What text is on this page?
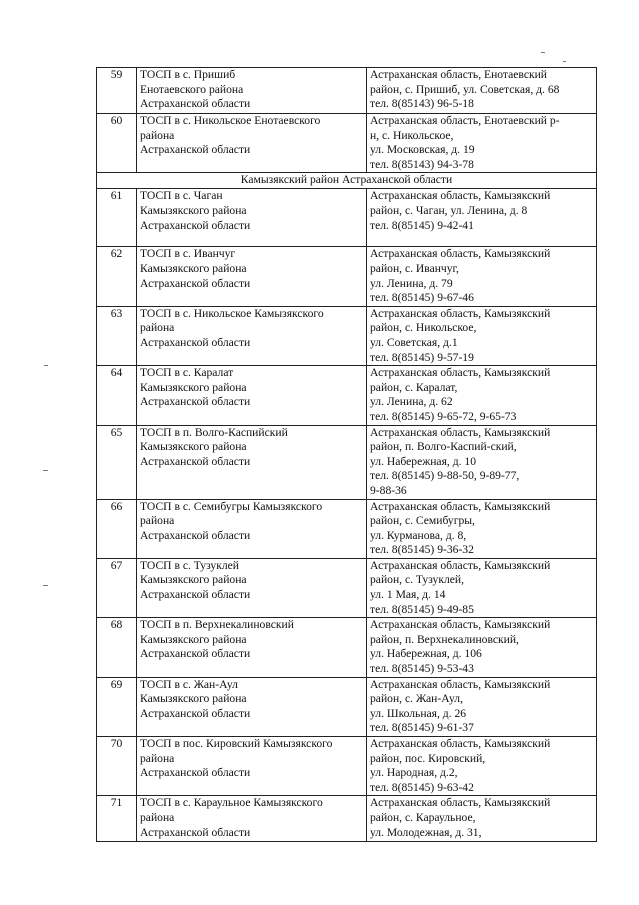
59	ТОСП в с. Пришиб
Енотаевского района
Астраханской области	Астраханская область, Енотаевский
район, с. Пришиб, ул. Советская, д. 68
тел. 8(85143) 96-5-18

60	ТОСП в с. Никольское Енотаевского
района
Астраханской области	Астраханская область, Енотаевский р-
н, с. Никольское,
ул. Московская, д. 19
тел. 8(85143) 94-3-78

Камызякский район Астраханской области		
61	ТОСП в с. Чаган
Камызякского района
Астраханской области	Астраханская область, Камызякский
район, с. Чаган, ул. Ленина, д. 8
тел. 8(85145) 9-42-41

62	ТОСП в с. Иванчуг
Камызякского района
Астраханской области	Астраханская область, Камызякский
район, с. Иванчуг,
ул. Ленина, д. 79
тел. 8(85145) 9-67-46

63	ТОСП в с. Никольское Камызякского
района
Астраханской области	Астраханская область, Камызякский
район, с. Никольское,
ул. Советская, д.1
тел. 8(85145) 9-57-19

64	ТОСП в с. Каралат
Камызякского района
Астраханской области	Астраханская область, Камызякский
район, с. Каралат,
ул. Ленина, д. 62
тел. 8(85145) 9-65-72, 9-65-73

65	ТОСП в п. Волго-Каспийский
Камызякского района
Астраханской области	Астраханская область, Камызякский
район, п. Волго-Каспий-ский,
ул. Набережная, д. 10
тел. 8(85145) 9-88-50, 9-89-77,
9-88-36

66	ТОСП в с. Семибугры Камызякского
района
Астраханской области	Астраханская область, Камызякский
район, с. Семибугры,
ул. Курманова, д. 8,
тел. 8(85145) 9-36-32

67	ТОСП в с. Тузуклей
Камызякского района
Астраханской области	Астраханская область, Камызякский
район, с. Тузуклей,
ул. 1 Мая, д. 14
тел. 8(85145) 9-49-85

68	ТОСП в п. Верхнекалиновский
Камызякского района
Астраханской области	Астраханская область, Камызякский
район, п. Верхнекалиновский,
ул. Набережная, д. 106
тел. 8(85145) 9-53-43

69	ТОСП в с. Жан-Аул
Камызякского района
Астраханской области	Астраханская область, Камызякский
район, с. Жан-Аул,
ул. Школьная, д. 26
тел. 8(85145) 9-61-37

70	ТОСП в пос. Кировский Камызякского
района
Астраханской области	Астраханская область, Камызякский
район, пос. Кировский,
ул. Народная, д.2,
тел. 8(85145) 9-63-42

71	ТОСП в с. Караульное Камызякского
района
Астраханской области	Астраханская область, Камызякский
район, с. Караульное,
ул. Молодежная, д. 31,
